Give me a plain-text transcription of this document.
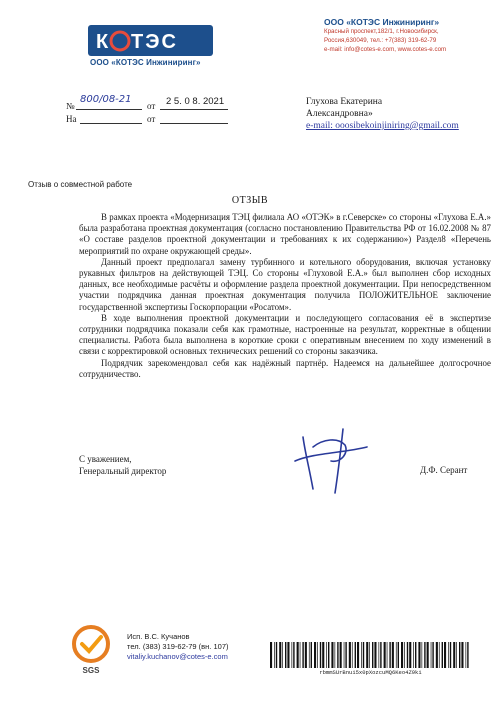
К ТЭС
ООО «КОТЭС Инжиниринг»
ООО «КОТЭС Инжиниринг»
Красный проспект,182/1, г.Новосибирск,
Россия,630049, тел.: +7(383) 319-62-79
e-mail: info@cotes-e.com, www.cotes-e.com
№
800/08-21
от 2 5. 0 8. 2021
На	от
Глухова Екатерина
Александровна»
e-mail: ooosibekoinjiniring@gmail.com
Отзыв о совместной работе
ОТЗЫВ

В рамках проекта «Модернизация ТЭЦ филиала АО «ОТЭК» в г.Северске» со стороны «Глухова Е.А.» была разработана проектная документация (согласно постановлению Правительства РФ от 16.02.2008 № 87 «О составе разделов проектной документации и требованиях к их содержанию») Раздел8 «Перечень мероприятий по охране окружающей среды».

Данный проект предполагал замену турбинного и котельного оборудования, включая установку рукавных фильтров на действующей ТЭЦ. Со стороны «Глуховой Е.А.» был выполнен сбор исходных данных, все необходимые расчёты и оформление раздела проектной документации. При непосредственном участии подрядчика данная проектная документация получила ПОЛОЖИТЕЛЬНОЕ заключение государственной экспертизы Госкорпорации «Росатом».

В ходе выполнения проектной документации и последующего согласования её в экспертизе сотрудники подрядчика показали себя как грамотные, настроенные на результат, корректные в общении специалисты. Работа была выполнена в короткие сроки с оперативным внесением по ходу изменений в связи с корректировкой основных технических решений со стороны заказчика.

Подрядчик зарекомендовал себя как надёжный партнёр. Надеемся на дальнейшее долгосрочное сотрудничество.

С уважением,
Генеральный директор	Д.Ф. Серант
SGS
Исп. В.С. Кучанов
тел. (383) 319-62-79 (вн. 107)
vitaliy.kuchanov@cotes-e.com
rbmmSUrBnui5x0pXozcuMQ6Keo4Z9ki
